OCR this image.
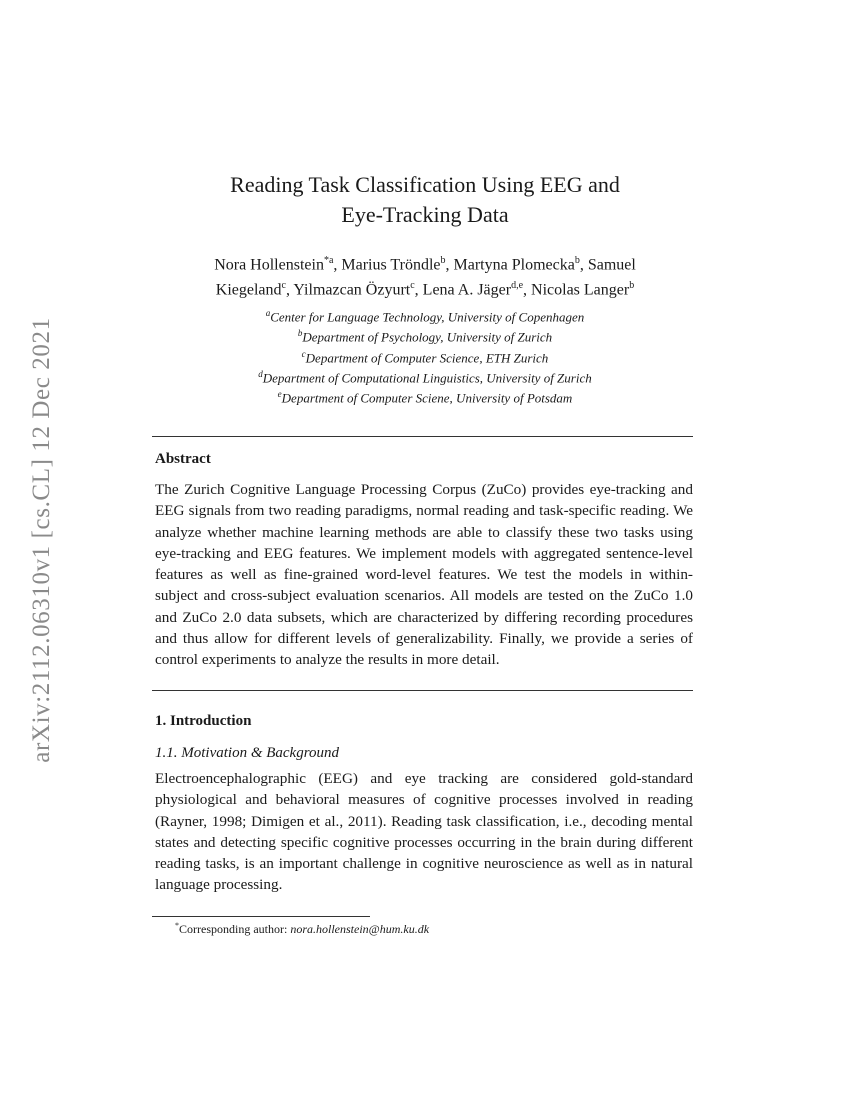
arXiv:2112.06310v1 [cs.CL] 12 Dec 2021
Reading Task Classification Using EEG and
Eye-Tracking Data
Nora Hollenstein$^{*a}$, Marius Tröndle$^b$, Martyna Plomecka$^b$, Samuel
Kiegeland$^c$, Yilmazcan Özyurt$^c$, Lena A. Jäger$^{d,e}$, Nicolas Langer$^b$
$^a$Center for Language Technology, University of Copenhagen
$^b$Department of Psychology, University of Zurich
$^c$Department of Computer Science, ETH Zurich
$^d$Department of Computational Linguistics, University of Zurich
$^e$Department of Computer Sciene, University of Potsdam
Abstract
The Zurich Cognitive Language Processing Corpus (ZuCo) provides eye-tracking and EEG signals from two reading paradigms, normal reading and task-specific reading. We analyze whether machine learning methods are able to classify these two tasks using eye-tracking and EEG features. We implement models with aggregated sentence-level features as well as fine-grained word-level features. We test the models in within-subject and cross-subject evaluation scenarios. All models are tested on the ZuCo 1.0 and ZuCo 2.0 data subsets, which are characterized by differing recording procedures and thus allow for different levels of generalizability. Finally, we provide a series of control experiments to analyze the results in more detail.
1. Introduction
1.1. Motivation & Background
Electroencephalographic (EEG) and eye tracking are considered gold-standard physiological and behavioral measures of cognitive processes involved in reading (Rayner, 1998; Dimigen et al., 2011). Reading task classification, i.e., decoding mental states and detecting specific cognitive processes occurring in the brain during different reading tasks, is an important challenge in cognitive neuroscience as well as in natural language processing.
*Corresponding author: nora.hollenstein@hum.ku.dk
